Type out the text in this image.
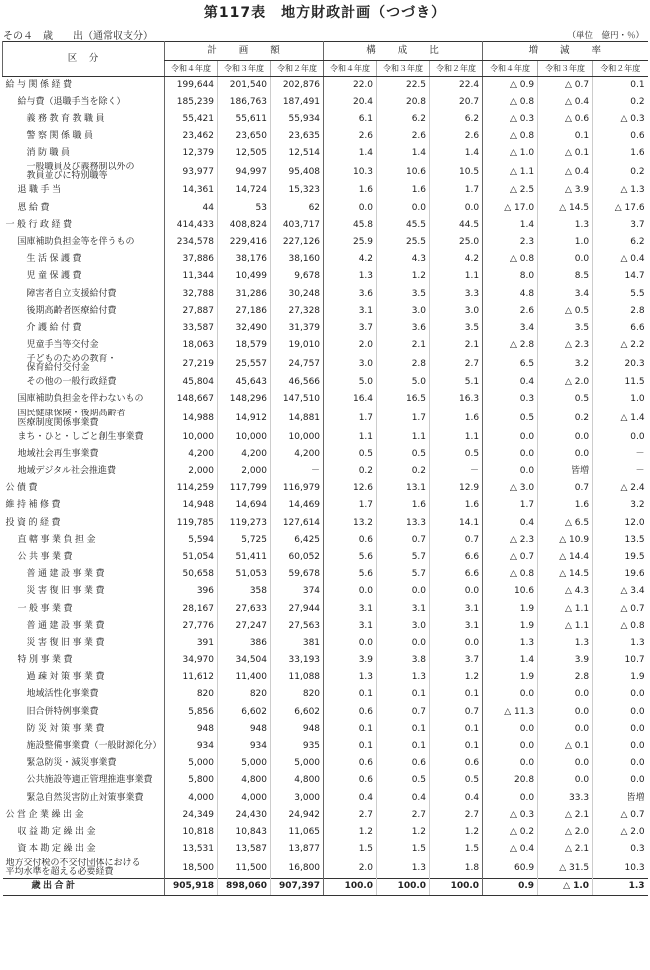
第117表　地方財政計画（つづき）
その４　歳　　出（通常収支分）	（単位　億円・％）
区　分	計　　画　　額			構　　成　　比			増　　減　　率		
	令和４年度	令和３年度	令和２年度	令和４年度	令和３年度	令和２年度	令和４年度	令和３年度	令和２年度
給与関係経費	199,644	201,540	202,876	22.0	22.5	22.4	△ 0.9	△ 0.7	0.1
給与費（退職手当を除く）	185,239	186,763	187,491	20.4	20.8	20.7	△ 0.8	△ 0.4	0.2
義務教育教職員	55,421	55,611	55,934	6.1	6.2	6.2	△ 0.3	△ 0.6	△ 0.3
警察関係職員	23,462	23,650	23,635	2.6	2.6	2.6	△ 0.8	0.1	0.6
消防職員	12,379	12,505	12,514	1.4	1.4	1.4	△ 1.0	△ 0.1	1.6
一般職員及び義務制以外の
教員並びに特別職等	93,977	94,997	95,408	10.3	10.6	10.5	△ 1.1	△ 0.4	0.2
退職手当	14,361	14,724	15,323	1.6	1.6	1.7	△ 2.5	△ 3.9	△ 1.3
恩給費	44	53	62	0.0	0.0	0.0	△ 17.0	△ 14.5	△ 17.6
一般行政経費	414,433	408,824	403,717	45.8	45.5	44.5	1.4	1.3	3.7
国庫補助負担金等を伴うもの	234,578	229,416	227,126	25.9	25.5	25.0	2.3	1.0	6.2
生活保護費	37,886	38,176	38,160	4.2	4.3	4.2	△ 0.8	0.0	△ 0.4
児童保護費	11,344	10,499	9,678	1.3	1.2	1.1	8.0	8.5	14.7
障害者自立支援給付費	32,788	31,286	30,248	3.6	3.5	3.3	4.8	3.4	5.5
後期高齢者医療給付費	27,887	27,186	27,328	3.1	3.0	3.0	2.6	△ 0.5	2.8
介護給付費	33,587	32,490	31,379	3.7	3.6	3.5	3.4	3.5	6.6
児童手当等交付金	18,063	18,579	19,010	2.0	2.1	2.1	△ 2.8	△ 2.3	△ 2.2
子どものための教育・
保育給付交付金	27,219	25,557	24,757	3.0	2.8	2.7	6.5	3.2	20.3
その他の一般行政経費	45,804	45,643	46,566	5.0	5.0	5.1	0.4	△ 2.0	11.5
国庫補助負担金を伴わないもの	148,667	148,296	147,510	16.4	16.5	16.3	0.3	0.5	1.0
国民健康保険・後期高齢者
医療制度関係事業費	14,988	14,912	14,881	1.7	1.7	1.6	0.5	0.2	△ 1.4
まち・ひと・しごと創生事業費	10,000	10,000	10,000	1.1	1.1	1.1	0.0	0.0	0.0
地域社会再生事業費	4,200	4,200	4,200	0.5	0.5	0.5	0.0	0.0	－
地域デジタル社会推進費	2,000	2,000	－	0.2	0.2	－	0.0	皆増	－
公債費	114,259	117,799	116,979	12.6	13.1	12.9	△ 3.0	0.7	△ 2.4
維持補修費	14,948	14,694	14,469	1.7	1.6	1.6	1.7	1.6	3.2
投資的経費	119,785	119,273	127,614	13.2	13.3	14.1	0.4	△ 6.5	12.0
直轄事業負担金	5,594	5,725	6,425	0.6	0.7	0.7	△ 2.3	△ 10.9	13.5
公共事業費	51,054	51,411	60,052	5.6	5.7	6.6	△ 0.7	△ 14.4	19.5
普通建設事業費	50,658	51,053	59,678	5.6	5.7	6.6	△ 0.8	△ 14.5	19.6
災害復旧事業費	396	358	374	0.0	0.0	0.0	10.6	△ 4.3	△ 3.4
一般事業費	28,167	27,633	27,944	3.1	3.1	3.1	1.9	△ 1.1	△ 0.7
普通建設事業費	27,776	27,247	27,563	3.1	3.0	3.1	1.9	△ 1.1	△ 0.8
災害復旧事業費	391	386	381	0.0	0.0	0.0	1.3	1.3	1.3
特別事業費	34,970	34,504	33,193	3.9	3.8	3.7	1.4	3.9	10.7
過疎対策事業費	11,612	11,400	11,088	1.3	1.3	1.2	1.9	2.8	1.9
地域活性化事業費	820	820	820	0.1	0.1	0.1	0.0	0.0	0.0
旧合併特例事業費	5,856	6,602	6,602	0.6	0.7	0.7	△ 11.3	0.0	0.0
防災対策事業費	948	948	948	0.1	0.1	0.1	0.0	0.0	0.0
施設整備事業費（一般財源化分）	934	934	935	0.1	0.1	0.1	0.0	△ 0.1	0.0
緊急防災・減災事業費	5,000	5,000	5,000	0.6	0.6	0.6	0.0	0.0	0.0
公共施設等適正管理推進事業費	5,800	4,800	4,800	0.6	0.5	0.5	20.8	0.0	0.0
緊急自然災害防止対策事業費	4,000	4,000	3,000	0.4	0.4	0.4	0.0	33.3	皆増
公営企業繰出金	24,349	24,430	24,942	2.7	2.7	2.7	△ 0.3	△ 2.1	△ 0.7
収益勘定繰出金	10,818	10,843	11,065	1.2	1.2	1.2	△ 0.2	△ 2.0	△ 2.0
資本勘定繰出金	13,531	13,587	13,877	1.5	1.5	1.5	△ 0.4	△ 2.1	0.3
地方交付税の不交付団体における
平均水準を超える必要経費	18,500	11,500	16,800	2.0	1.3	1.8	60.9	△ 31.5	10.3
歳出合計	905,918	898,060	907,397	100.0	100.0	100.0	0.9	△ 1.0	1.3
